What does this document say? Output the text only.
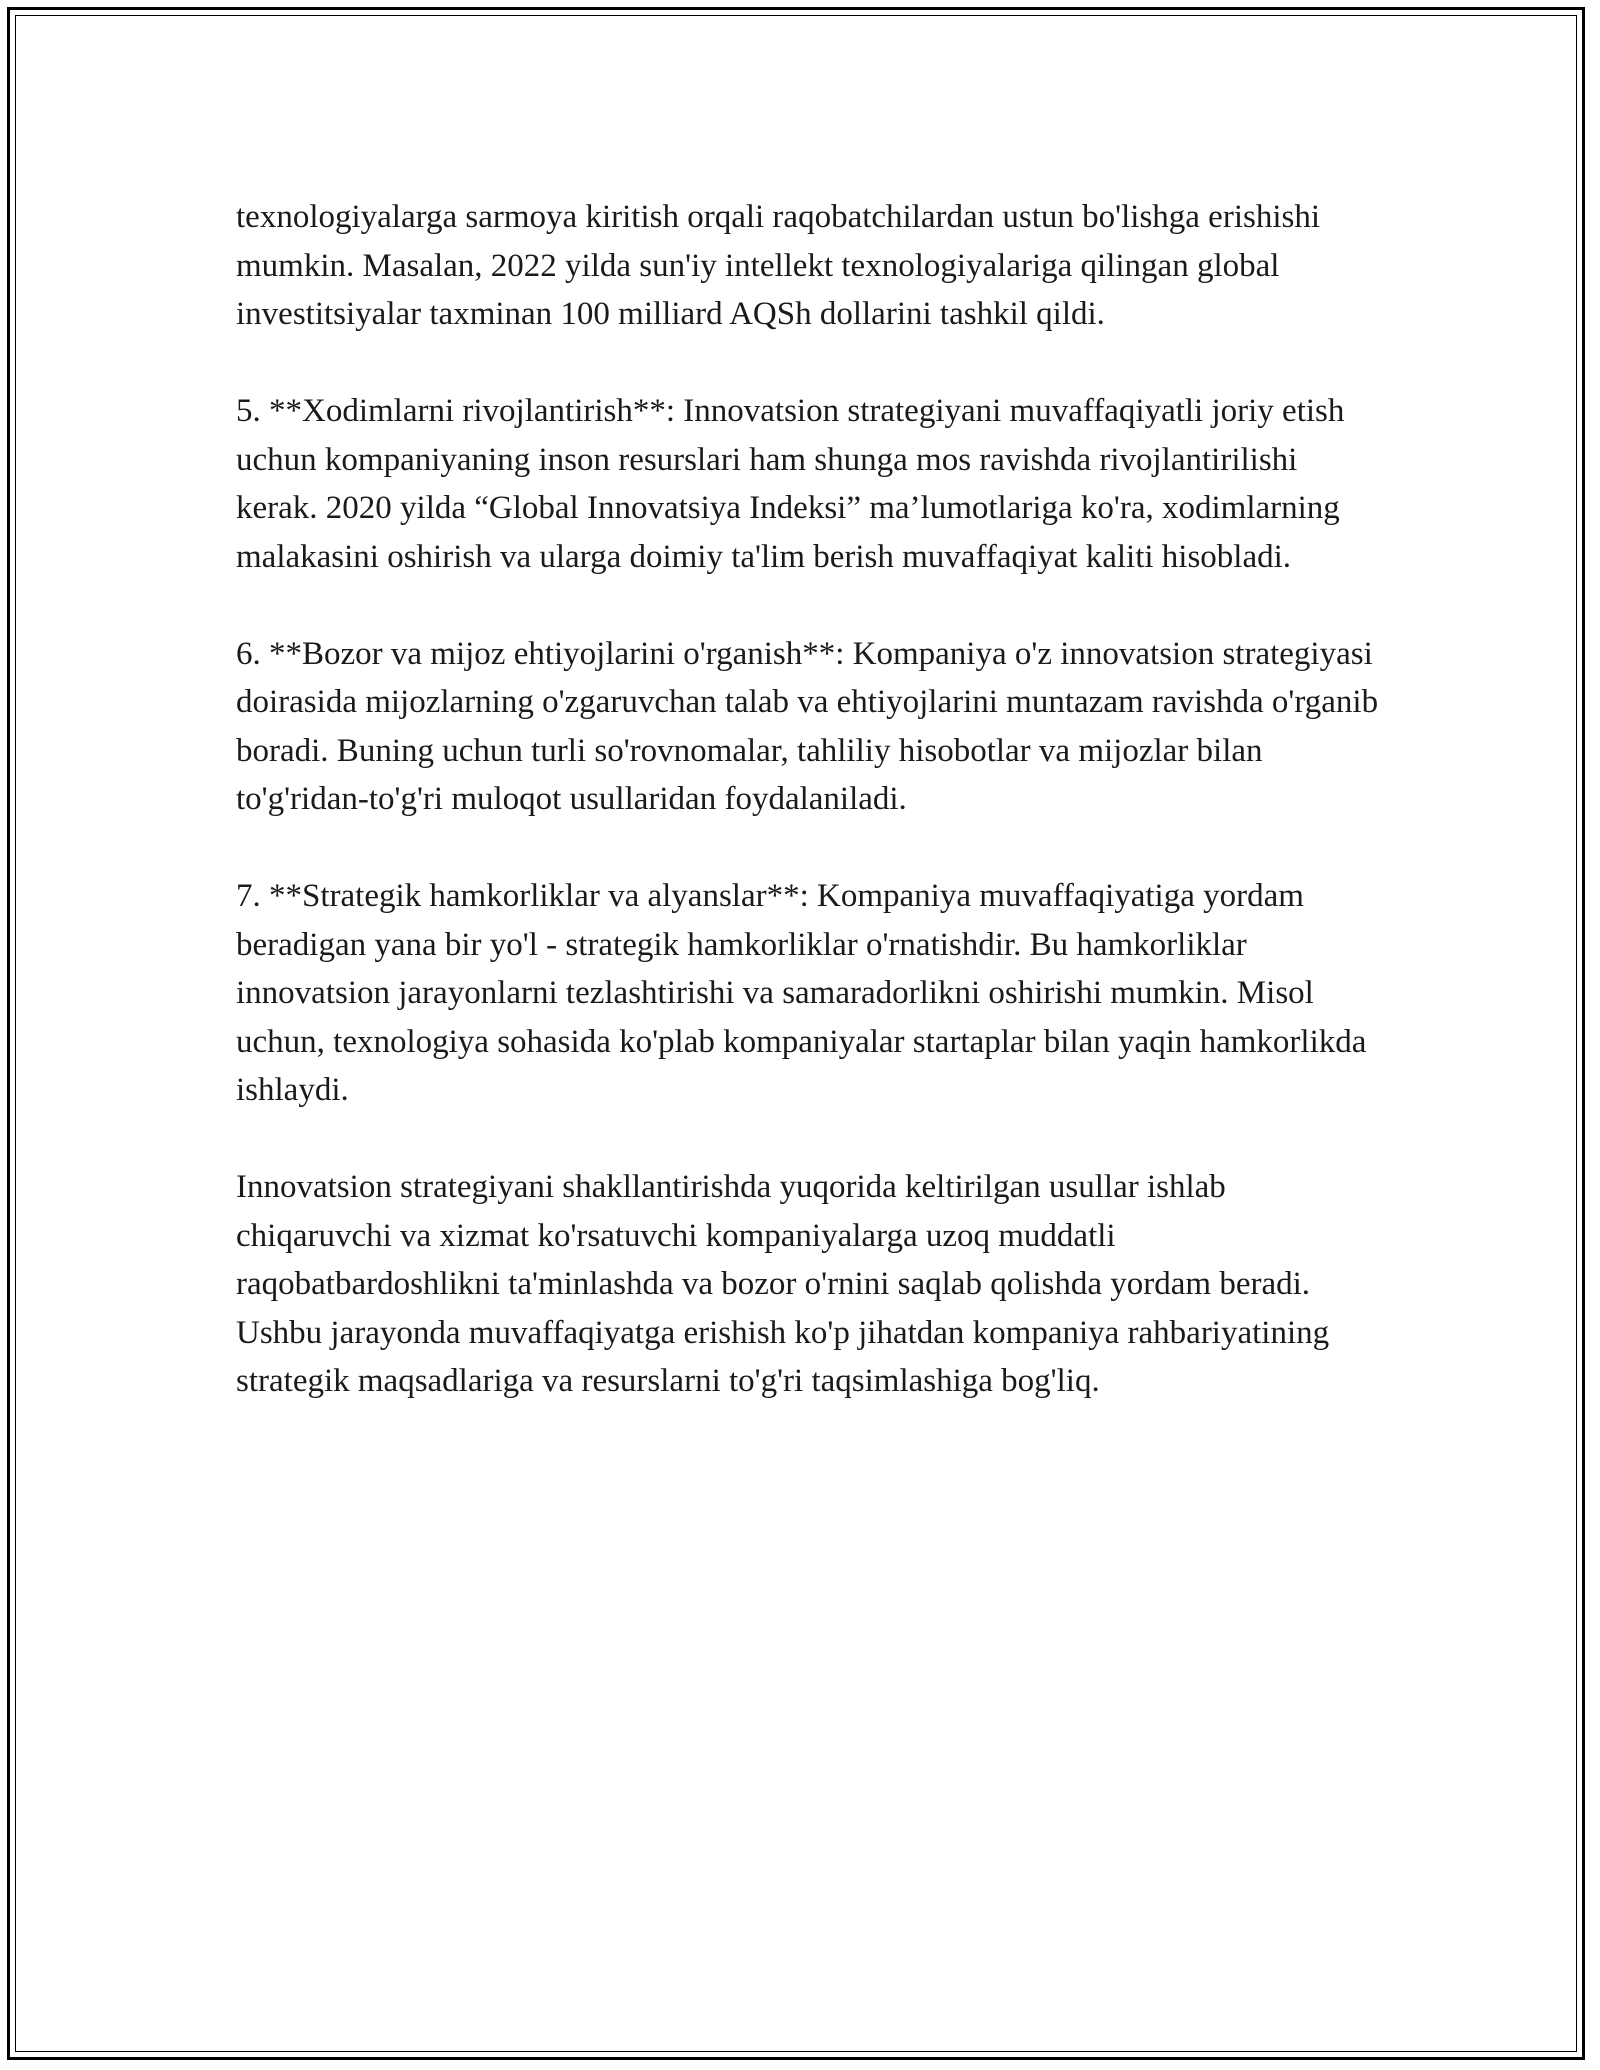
texnologiyalarga sarmoya kiritish orqali raqobatchilardan ustun bo'lishga erishishi mumkin. Masalan, 2022 yilda sun'iy intellekt texnologiyalariga qilingan global investitsiyalar taxminan 100 milliard AQSh dollarini tashkil qildi.

5. **Xodimlarni rivojlantirish**: Innovatsion strategiyani muvaffaqiyatli joriy etish uchun kompaniyaning inson resurslari ham shunga mos ravishda rivojlantirilishi kerak. 2020 yilda “Global Innovatsiya Indeksi” ma’lumotlariga ko'ra, xodimlarning malakasini oshirish va ularga doimiy ta'lim berish muvaffaqiyat kaliti hisobladi.

6. **Bozor va mijoz ehtiyojlarini o'rganish**: Kompaniya o'z innovatsion strategiyasi doirasida mijozlarning o'zgaruvchan talab va ehtiyojlarini muntazam ravishda o'rganib boradi. Buning uchun turli so'rovnomalar, tahliliy hisobotlar va mijozlar bilan to'g'ridan-to'g'ri muloqot usullaridan foydalaniladi.

7. **Strategik hamkorliklar va alyanslar**: Kompaniya muvaffaqiyatiga yordam beradigan yana bir yo'l - strategik hamkorliklar o'rnatishdir. Bu hamkorliklar innovatsion jarayonlarni tezlashtirishi va samaradorlikni oshirishi mumkin. Misol uchun, texnologiya sohasida ko'plab kompaniyalar startaplar bilan yaqin hamkorlikda ishlaydi.

Innovatsion strategiyani shakllantirishda yuqorida keltirilgan usullar ishlab chiqaruvchi va xizmat ko'rsatuvchi kompaniyalarga uzoq muddatli raqobatbardoshlikni ta'minlashda va bozor o'rnini saqlab qolishda yordam beradi. Ushbu jarayonda muvaffaqiyatga erishish ko'p jihatdan kompaniya rahbariyatining strategik maqsadlariga va resurslarni to'g'ri taqsimlashiga bog'liq.
